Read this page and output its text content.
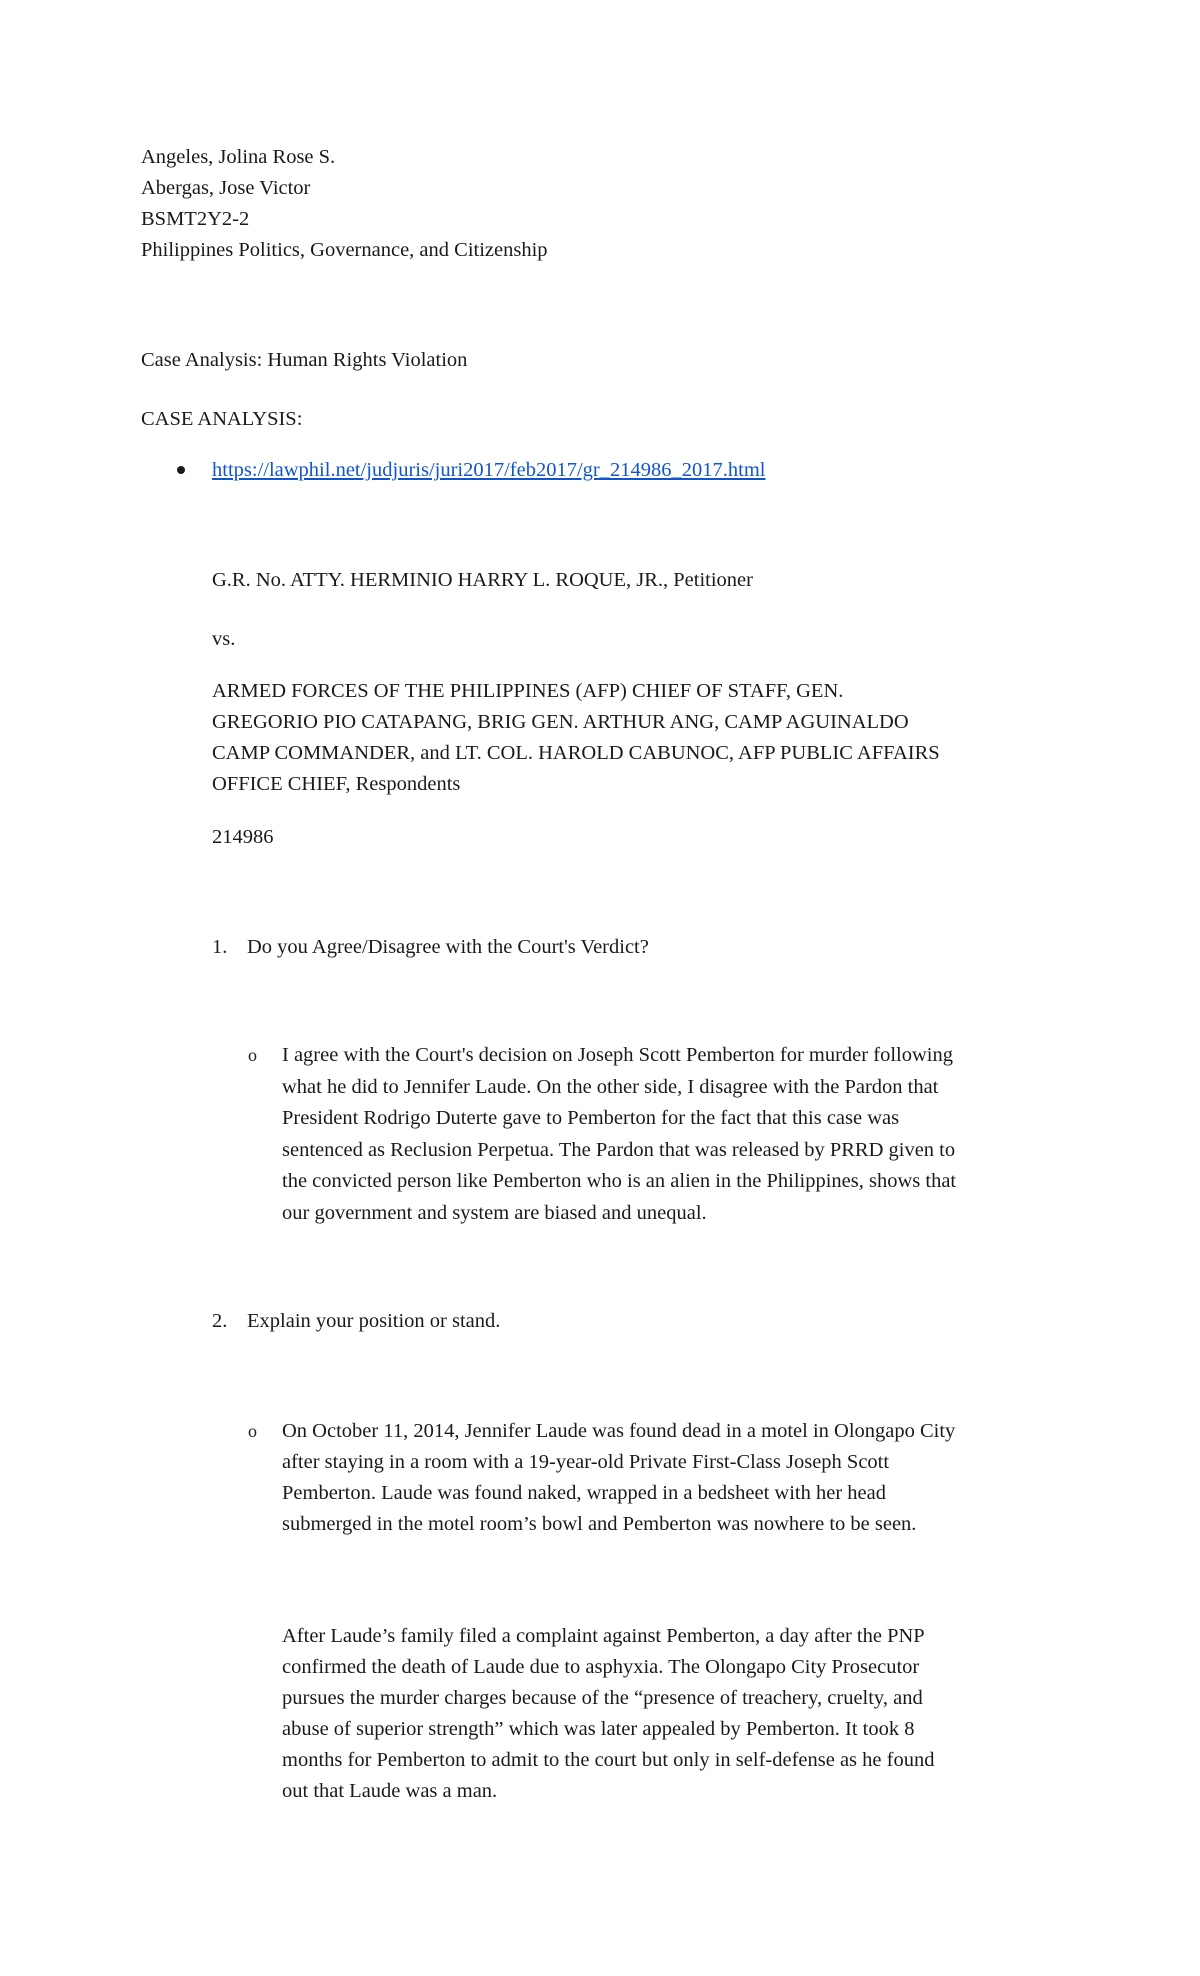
Angeles, Jolina Rose S.
Abergas, Jose Victor
BSMT2Y2-2
Philippines Politics, Governance, and Citizenship
Case Analysis: Human Rights Violation
CASE ANALYSIS:
https://lawphil.net/judjuris/juri2017/feb2017/gr_214986_2017.html
G.R. No. ATTY. HERMINIO HARRY L. ROQUE, JR., Petitioner
vs.
ARMED FORCES OF THE PHILIPPINES (AFP) CHIEF OF STAFF, GEN.
GREGORIO PIO CATAPANG, BRIG GEN. ARTHUR ANG, CAMP AGUINALDO
CAMP COMMANDER, and LT. COL. HAROLD CABUNOC, AFP PUBLIC AFFAIRS
OFFICE CHIEF, Respondents
214986
1. Do you Agree/Disagree with the Court's Verdict?
o I agree with the Court's decision on Joseph Scott Pemberton for murder following
what he did to Jennifer Laude. On the other side, I disagree with the Pardon that
President Rodrigo Duterte gave to Pemberton for the fact that this case was
sentenced as Reclusion Perpetua. The Pardon that was released by PRRD given to
the convicted person like Pemberton who is an alien in the Philippines, shows that
our government and system are biased and unequal.
2. Explain your position or stand.
o On October 11, 2014, Jennifer Laude was found dead in a motel in Olongapo City
after staying in a room with a 19-year-old Private First-Class Joseph Scott
Pemberton. Laude was found naked, wrapped in a bedsheet with her head
submerged in the motel room’s bowl and Pemberton was nowhere to be seen.
After Laude’s family filed a complaint against Pemberton, a day after the PNP
confirmed the death of Laude due to asphyxia. The Olongapo City Prosecutor
pursues the murder charges because of the “presence of treachery, cruelty, and
abuse of superior strength” which was later appealed by Pemberton. It took 8
months for Pemberton to admit to the court but only in self-defense as he found
out that Laude was a man.
